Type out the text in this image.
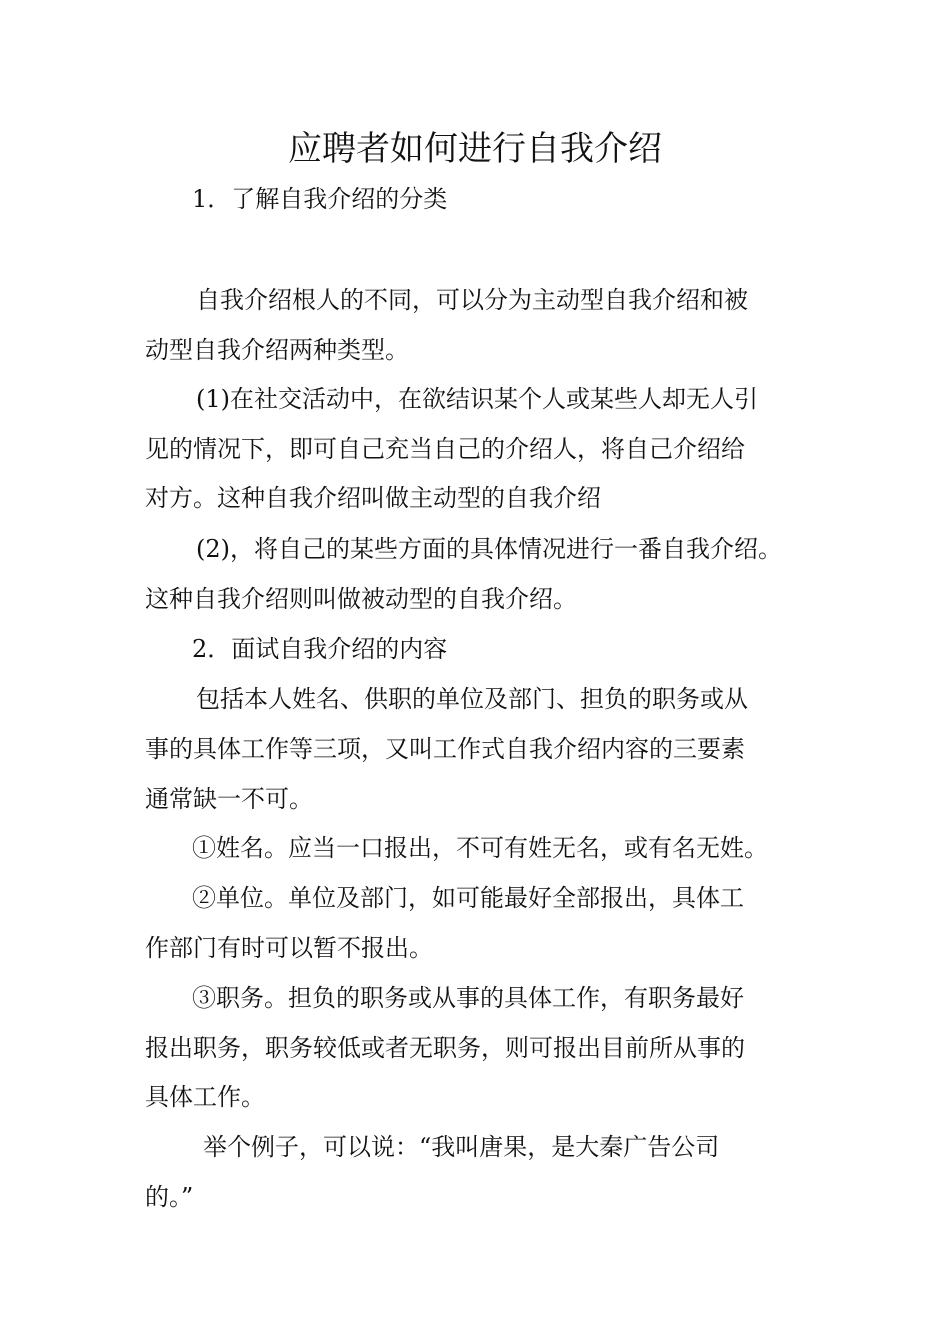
应聘者如何进行自我介绍

1．了解自我介绍的分类

自我介绍根人的不同，可以分为主动型自我介绍和被

动型自我介绍两种类型。

(1)在社交活动中，在欲结识某个人或某些人却无人引

见的情况下，即可自己充当自己的介绍人，将自己介绍给

对方。这种自我介绍叫做主动型的自我介绍

(2)，将自己的某些方面的具体情况进行一番自我介绍。

这种自我介绍则叫做被动型的自我介绍。

2．面试自我介绍的内容

包括本人姓名、供职的单位及部门、担负的职务或从

事的具体工作等三项，又叫工作式自我介绍内容的三要素

通常缺一不可。

①姓名。应当一口报出，不可有姓无名，或有名无姓。

②单位。单位及部门，如可能最好全部报出，具体工

作部门有时可以暂不报出。

③职务。担负的职务或从事的具体工作，有职务最好

报出职务，职务较低或者无职务，则可报出目前所从事的

具体工作。

举个例子，可以说：“我叫唐果，是大秦广告公司

的。”
